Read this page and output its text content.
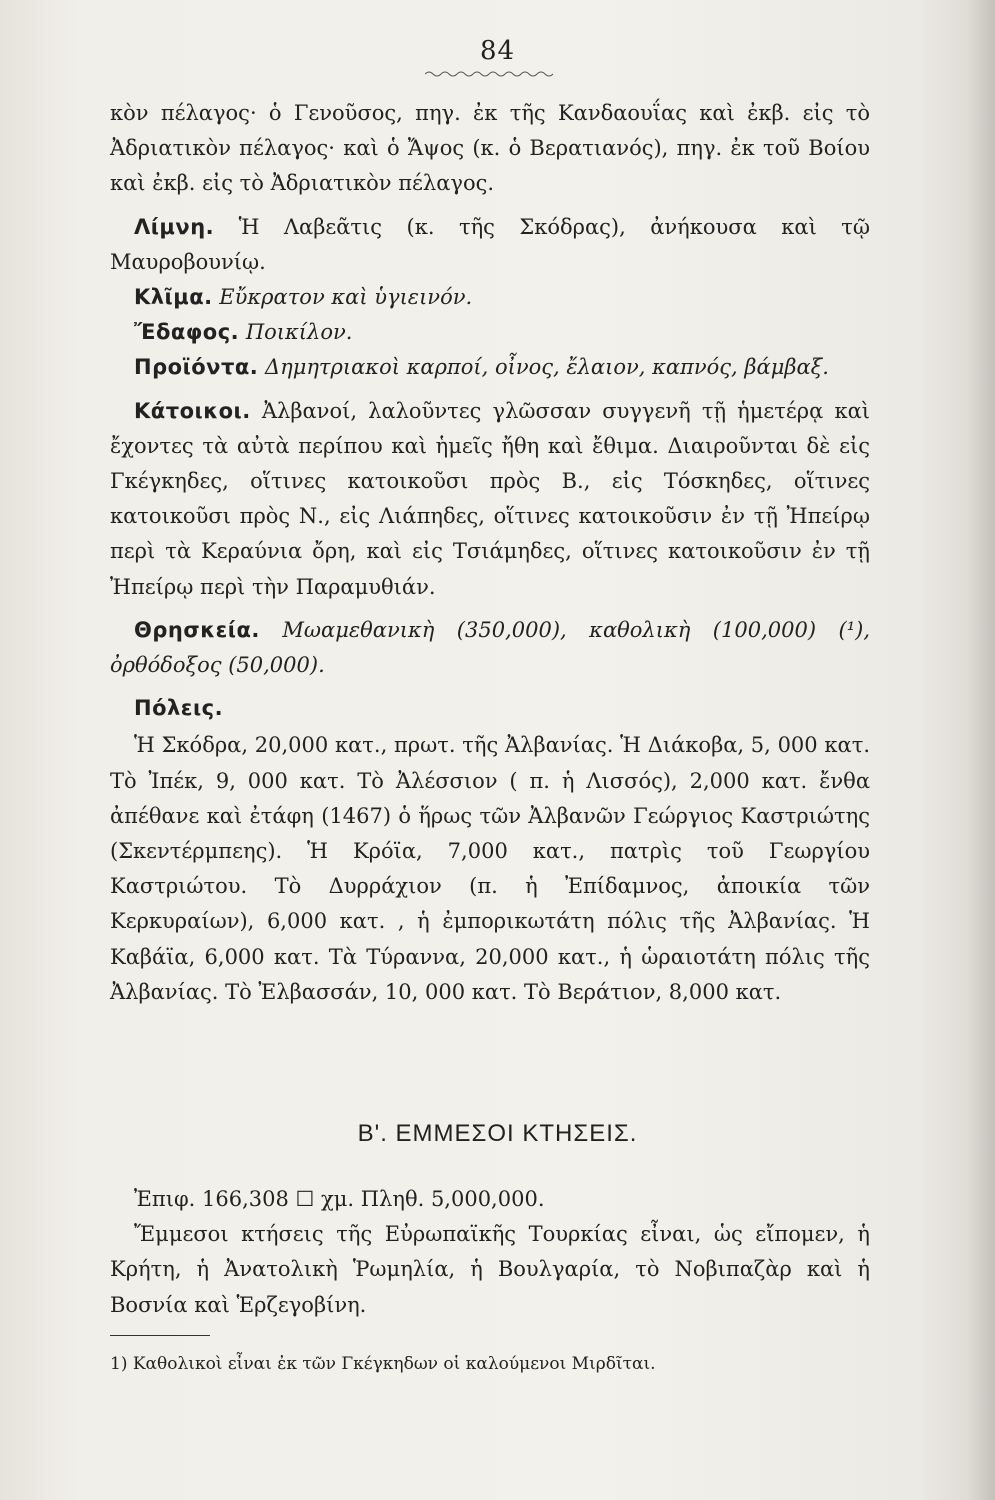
84

κὸν πέλαγος· ὁ Γενοῦσος, πηγ. ἐκ τῆς Κανδαουΐας καὶ ἐκβ. εἰς τὸ Ἀδριατικὸν πέλαγος· καὶ ὁ Ἄψος (κ. ὁ Βερατιανός), πηγ. ἐκ τοῦ Βοίου καὶ ἐκβ. εἰς τὸ Ἀδριατικὸν πέλαγος.

Λίμνη. Ἡ Λαβεᾶτις (κ. τῆς Σκόδρας), ἀνήκουσα καὶ τῷ Μαυροβουνίῳ.

Κλῖμα. Εὔκρατον καὶ ὑγιεινόν.

Ἔδαφος. Ποικίλον.

Προϊόντα. Δημητριακοὶ καρποί, οἶνος, ἔλαιον, καπνός, βάμβαξ.

Κάτοικοι. Ἀλβανοί, λαλοῦντες γλῶσσαν συγγενῆ τῇ ἡμετέρᾳ καὶ ἔχοντες τὰ αὐτὰ περίπου καὶ ἡμεῖς ἤθη καὶ ἔθιμα. Διαιροῦνται δὲ εἰς Γκέγκηδες, οἵτινες κατοικοῦσι πρὸς Β., εἰς Τόσκηδες, οἵτινες κατοικοῦσι πρὸς Ν., εἰς Λιάπηδες, οἵτινες κατοικοῦσιν ἐν τῇ Ἠπείρῳ περὶ τὰ Κεραύνια ὄρη, καὶ εἰς Τσιάμηδες, οἵτινες κατοικοῦσιν ἐν τῇ Ἠπείρῳ περὶ τὴν Παραμυθιάν.

Θρησκεία. Μωαμεθανικὴ (350,000), καθολικὴ (100,000) (¹), ὀρθόδοξος (50,000).

Πόλεις.

Ἡ Σκόδρα, 20,000 κατ., πρωτ. τῆς Ἀλβανίας. Ἡ Διάκοβα, 5, 000 κατ. Τὸ Ἰπέκ, 9, 000 κατ. Τὸ Ἀλέσσιον ( π. ἡ Λισσός), 2,000 κατ. ἔνθα ἀπέθανε καὶ ἐτάφη (1467) ὁ ἥρως τῶν Ἀλβανῶν Γεώργιος Καστριώτης (Σκεντέρμπεης). Ἡ Κρόϊα, 7,000 κατ., πατρὶς τοῦ Γεωργίου Καστριώτου. Τὸ Δυρράχιον (π. ἡ Ἐπίδαμνος, ἀποικία τῶν Κερκυραίων), 6,000 κατ. , ἡ ἐμπορικωτάτη πόλις τῆς Ἀλβανίας. Ἡ Καβάϊα, 6,000 κατ. Τὰ Τύραννα, 20,000 κατ., ἡ ὡραιοτάτη πόλις τῆς Ἀλβανίας. Τὸ Ἐλβασσάν, 10, 000 κατ. Τὸ Βεράτιον, 8,000 κατ.

Β'. ΕΜΜΕΣΟΙ ΚΤΗΣΕΙΣ.

Ἐπιφ. 166,308 ☐ χμ. Πληθ. 5,000,000.

Ἔμμεσοι κτήσεις τῆς Εὐρωπαϊκῆς Τουρκίας εἶναι, ὡς εἴπομεν, ἡ Κρήτη, ἡ Ἀνατολικὴ Ῥωμηλία, ἡ Βουλγαρία, τὸ Νοβιπαζὰρ καὶ ἡ Βοσνία καὶ Ἑρζεγοβίνη.

1) Καθολικοὶ εἶναι ἐκ τῶν Γκέγκηδων οἱ καλούμενοι Μιρδῖται.
